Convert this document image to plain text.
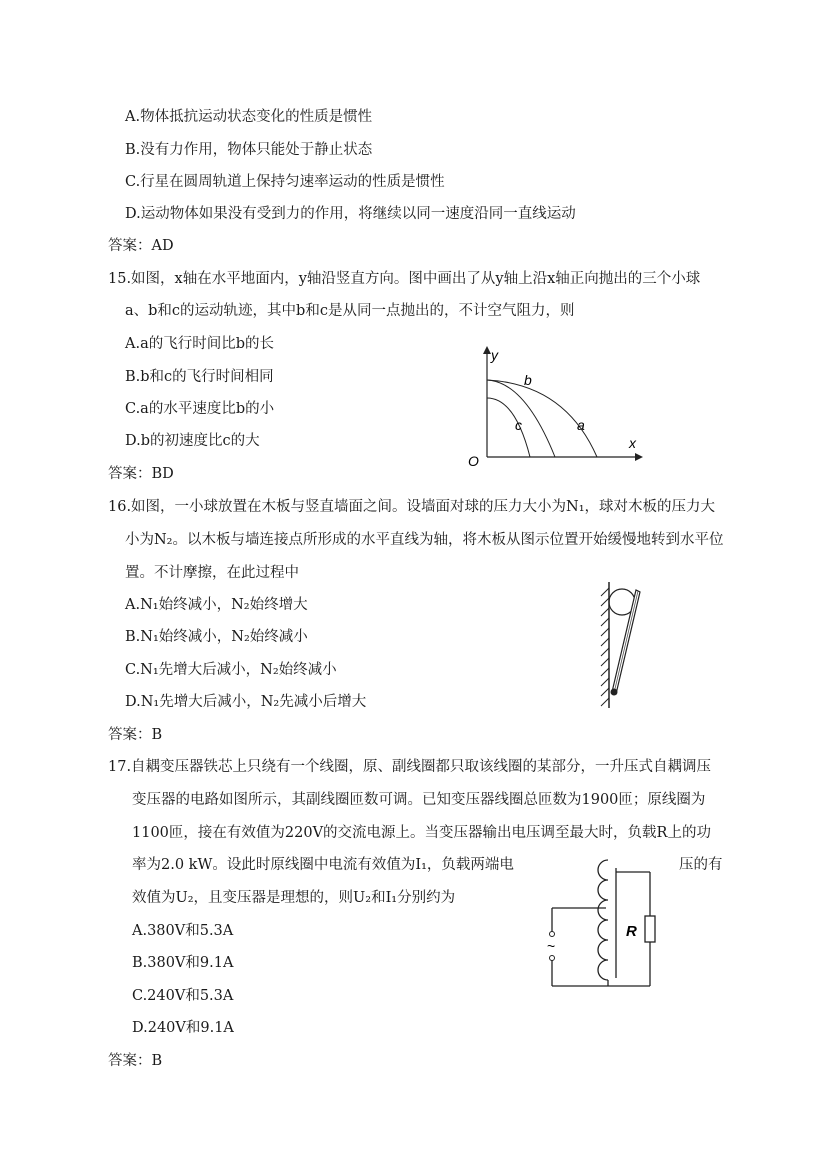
A.物体抵抗运动状态变化的性质是惯性
B.没有力作用，物体只能处于静止状态
C.行星在圆周轨道上保持匀速率运动的性质是惯性
D.运动物体如果没有受到力的作用，将继续以同一速度沿同一直线运动
答案：AD
15.如图，x轴在水平地面内，y轴沿竖直方向。图中画出了从y轴上沿x轴正向抛出的三个小球
a、b和c的运动轨迹，其中b和c是从同一点抛出的，不计空气阻力，则
A.a的飞行时间比b的长
B.b和c的飞行时间相同
C.a的水平速度比b的小
D.b的初速度比c的大
答案：BD
y
x
O
b
c	a
16.如图，一小球放置在木板与竖直墙面之间。设墙面对球的压力大小为N₁，球对木板的压力大
小为N₂。以木板与墙连接点所形成的水平直线为轴，将木板从图示位置开始缓慢地转到水平位
置。不计摩擦，在此过程中
A.N₁始终减小，N₂始终增大
B.N₁始终减小，N₂始终减小
C.N₁先增大后减小，N₂始终减小
D.N₁先增大后减小，N₂先减小后增大
答案：B
17.自耦变压器铁芯上只绕有一个线圈，原、副线圈都只取该线圈的某部分，一升压式自耦调压
变压器的电路如图所示，其副线圈匝数可调。已知变压器线圈总匝数为1900匝；原线圈为
1100匝，接在有效值为220V的交流电源上。当变压器输出电压调至最大时，负载R上的功
率为2.0 kW。设此时原线圈中电流有效值为I₁，负载两端电	压的有
效值为U₂，且变压器是理想的，则U₂和I₁分别约为
A.380V和5.3A
B.380V和9.1A
C.240V和5.3A
D.240V和9.1A
答案：B
~
R
